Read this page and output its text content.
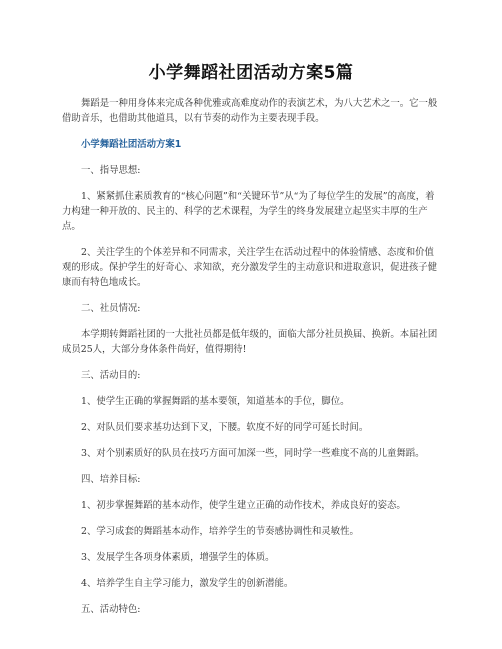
小学舞蹈社团活动方案5篇

舞蹈是一种用身体来完成各种优雅或高难度动作的表演艺术，为八大艺术之一。它一般借助音乐，也借助其他道具，以有节奏的动作为主要表现手段。

小学舞蹈社团活动方案1

一、指导思想:

1、紧紧抓住素质教育的“核心问题”和“关键环节”从“为了每位学生的发展”的高度，着力构建一种开放的、民主的、科学的艺术课程，为学生的终身发展建立起坚实丰厚的生产点。

2、关注学生的个体差异和不同需求，关注学生在活动过程中的体验情感、态度和价值观的形成。保护学生的好奇心、求知欲，充分激发学生的主动意识和进取意识，促进孩子健康而有特色地成长。

二、社员情况:

本学期转舞蹈社团的一大批社员都是低年级的，面临大部分社员换届、换新。本届社团成员25人，大部分身体条件尚好，值得期待!

三、活动目的:

1、使学生正确的掌握舞蹈的基本要领，知道基本的手位，脚位。

2、对队员们要求基功达到下叉，下腰。软度不好的同学可延长时间。

3、对个别素质好的队员在技巧方面可加深一些，同时学一些难度不高的儿童舞蹈。

四、培养目标:

1、初步掌握舞蹈的基本动作，使学生建立正确的动作技术，养成良好的姿态。

2、学习成套的舞蹈基本动作，培养学生的节奏感协调性和灵敏性。

3、发展学生各项身体素质，增强学生的体质。

4、培养学生自主学习能力，激发学生的创新潜能。

五、活动特色:
